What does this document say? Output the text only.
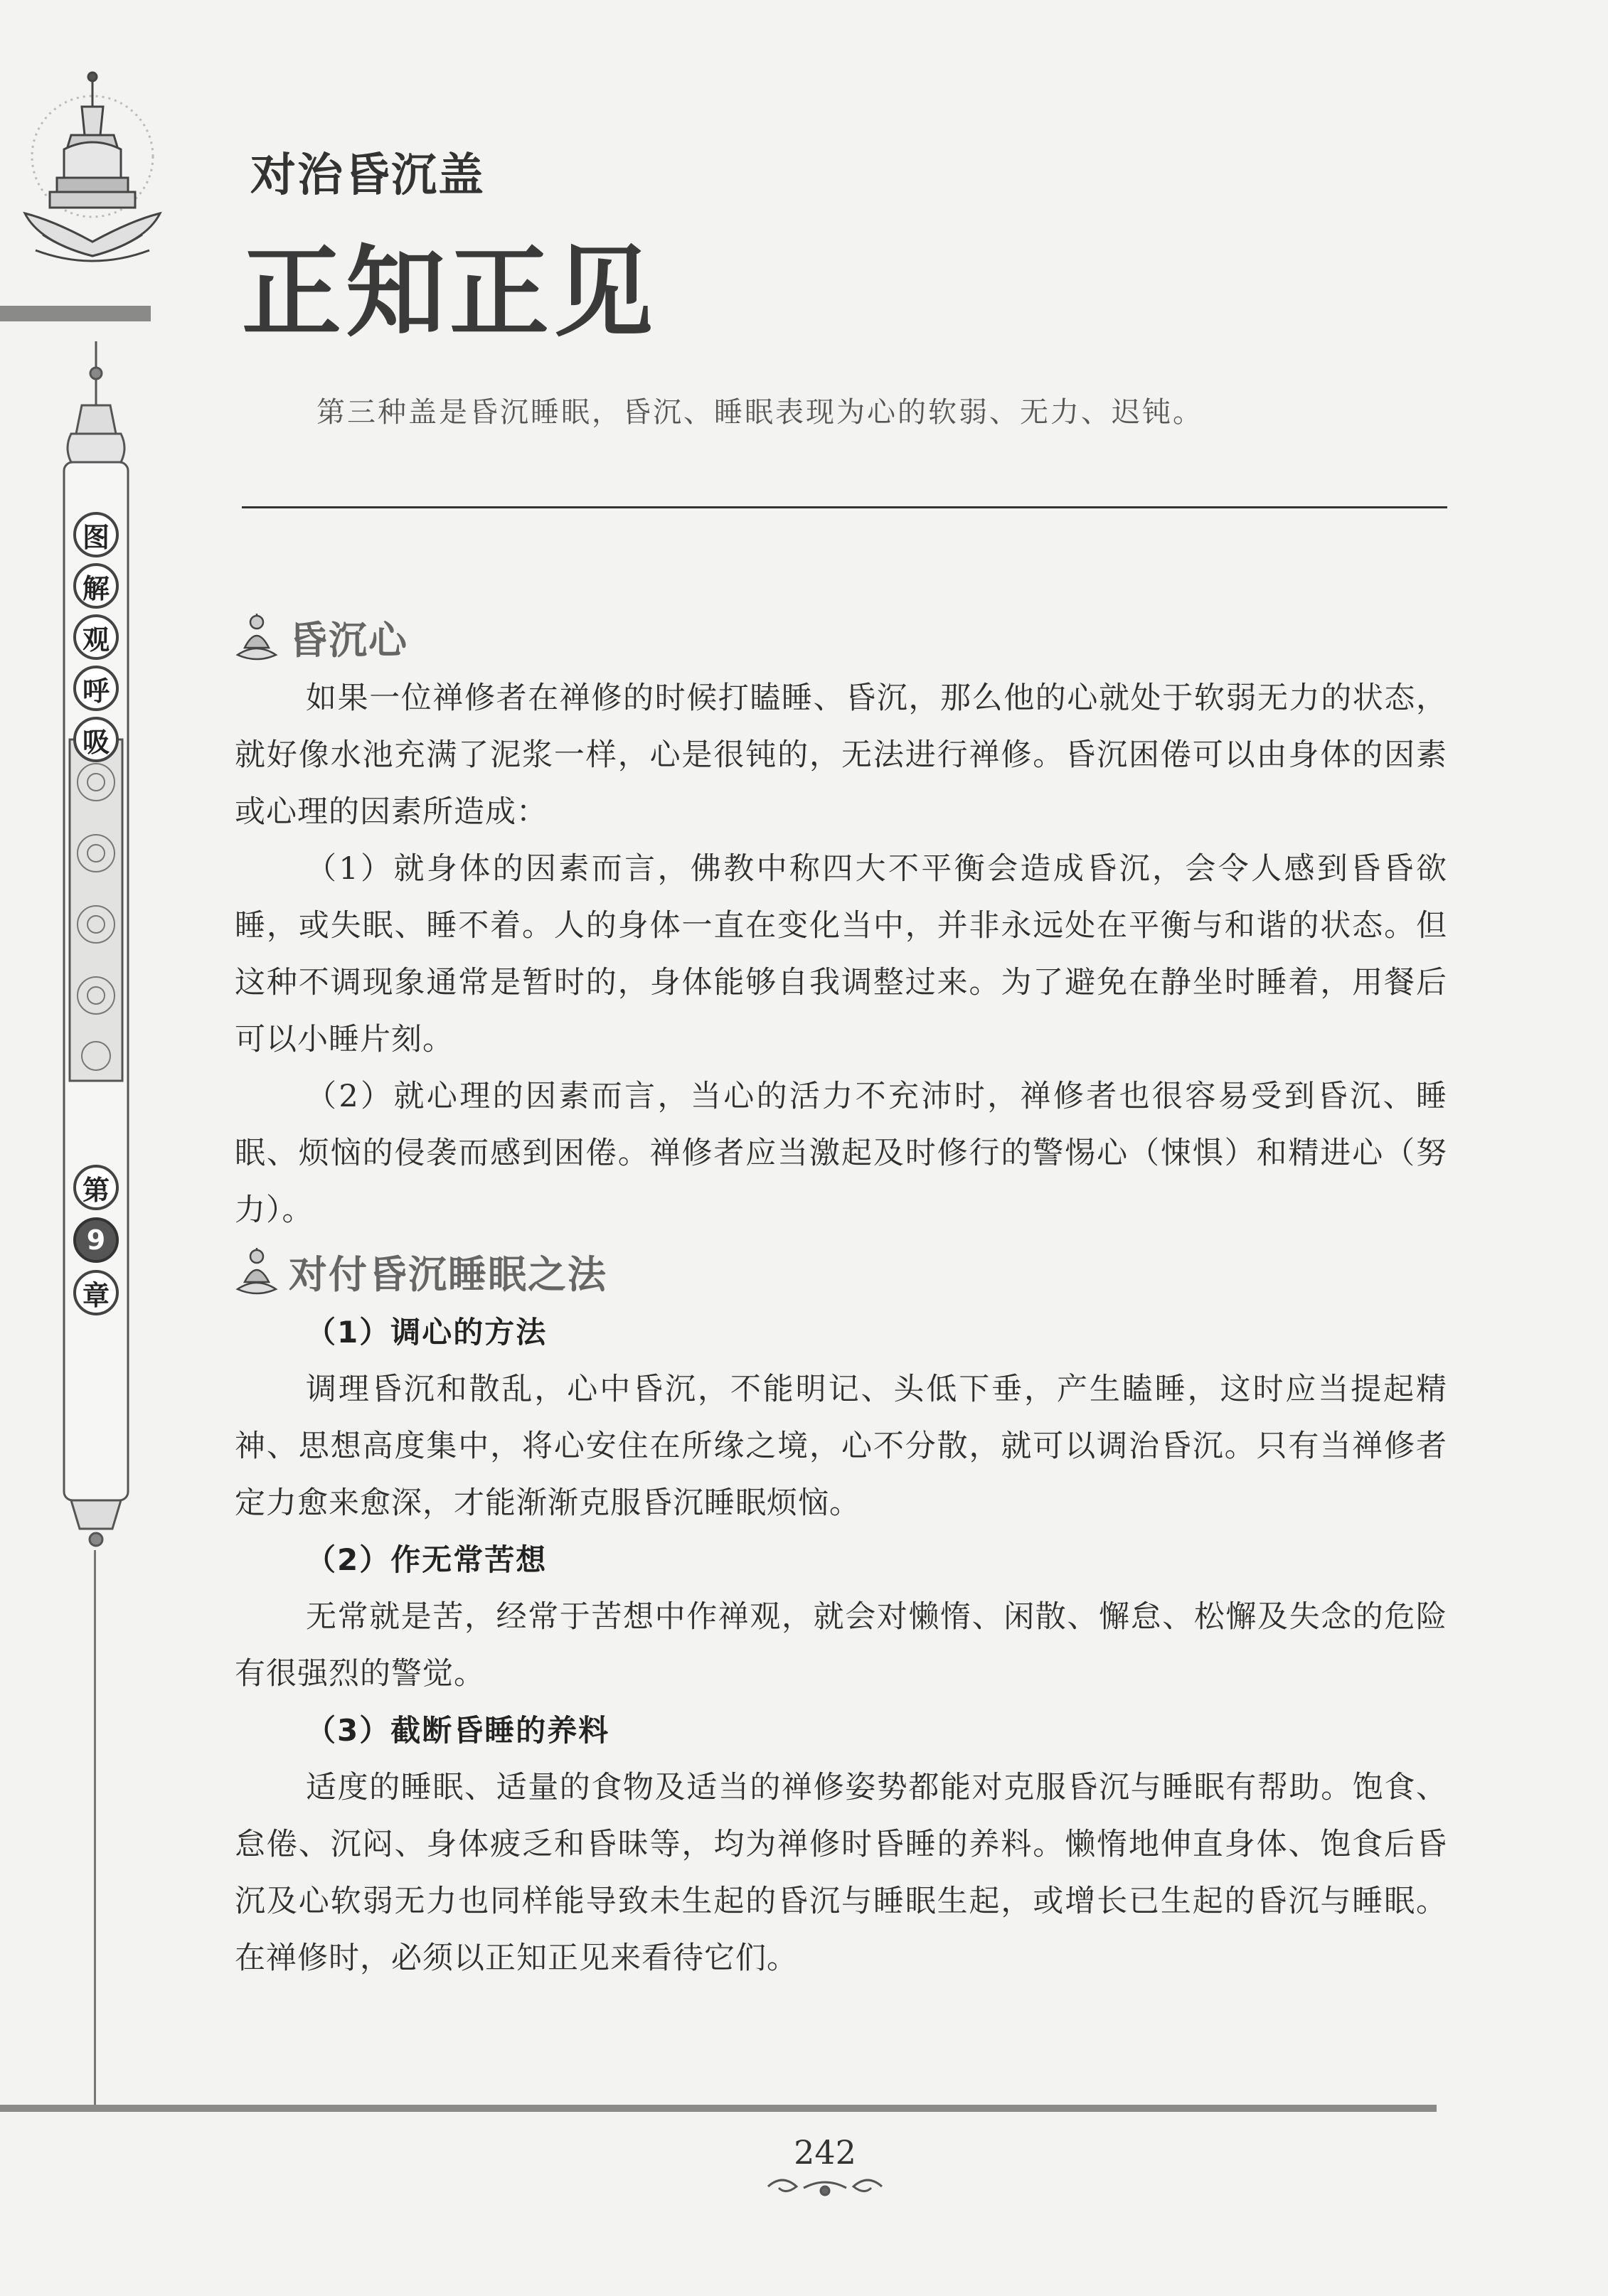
图
解
观
呼
吸
第
9
章
对治昏沉盖
正知正见

第三种盖是昏沉睡眠，昏沉、睡眠表现为心的软弱、无力、迟钝。

昏沉心

如果一位禅修者在禅修的时候打瞌睡、昏沉，那么他的心就处于软弱无力的状态，就好像水池充满了泥浆一样，心是很钝的，无法进行禅修。昏沉困倦可以由身体的因素或心理的因素所造成：

（1）就身体的因素而言，佛教中称四大不平衡会造成昏沉，会令人感到昏昏欲睡，或失眠、睡不着。人的身体一直在变化当中，并非永远处在平衡与和谐的状态。但这种不调现象通常是暂时的，身体能够自我调整过来。为了避免在静坐时睡着，用餐后可以小睡片刻。

（2）就心理的因素而言，当心的活力不充沛时，禅修者也很容易受到昏沉、睡眠、烦恼的侵袭而感到困倦。禅修者应当激起及时修行的警惕心（悚惧）和精进心（努力）。

对付昏沉睡眠之法
（1）调心的方法

调理昏沉和散乱，心中昏沉，不能明记、头低下垂，产生瞌睡，这时应当提起精神、思想高度集中，将心安住在所缘之境，心不分散，就可以调治昏沉。只有当禅修者定力愈来愈深，才能渐渐克服昏沉睡眠烦恼。

（2）作无常苦想

无常就是苦，经常于苦想中作禅观，就会对懒惰、闲散、懈怠、松懈及失念的危险有很强烈的警觉。

（3）截断昏睡的养料

适度的睡眠、适量的食物及适当的禅修姿势都能对克服昏沉与睡眠有帮助。饱食、怠倦、沉闷、身体疲乏和昏昧等，均为禅修时昏睡的养料。懒惰地伸直身体、饱食后昏沉及心软弱无力也同样能导致未生起的昏沉与睡眠生起，或增长已生起的昏沉与睡眠。在禅修时，必须以正知正见来看待它们。

242
